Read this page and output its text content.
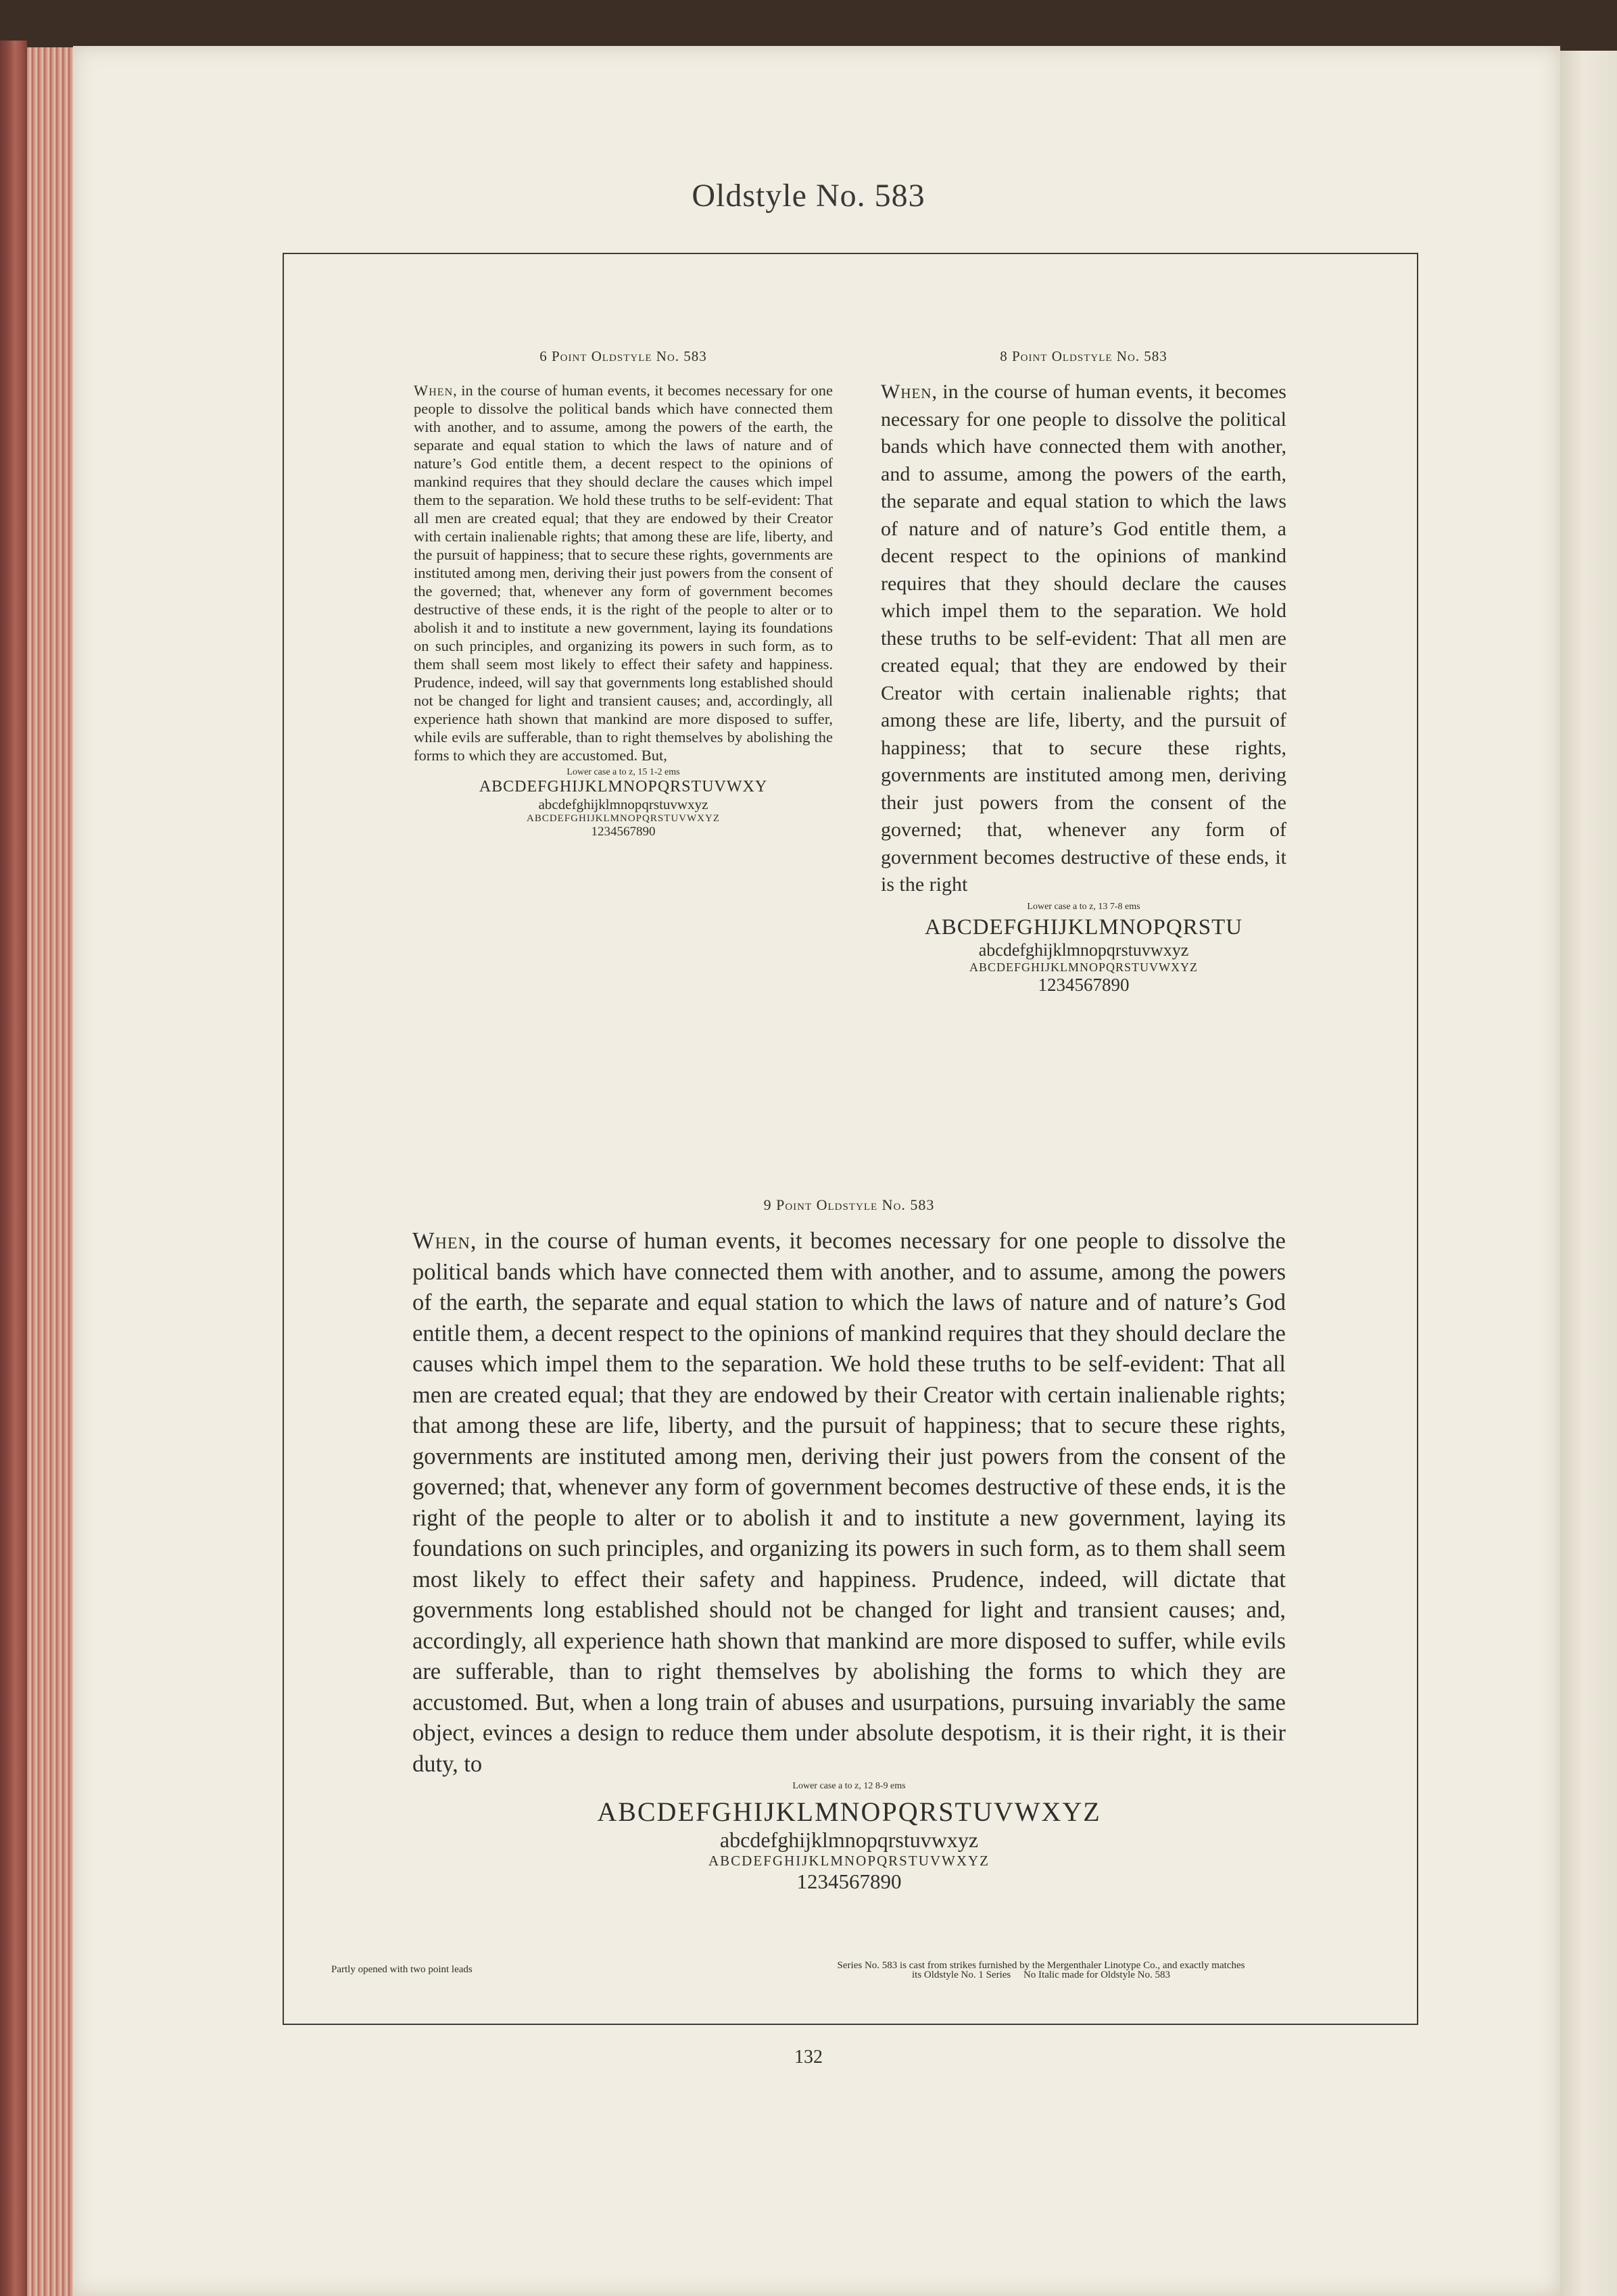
Oldstyle No. 583
6 Point Oldstyle No. 583

When, in the course of human events, it becomes necessary for one people to dissolve the political bands which have connected them with another, and to assume, among the powers of the earth, the separate and equal station to which the laws of nature and of nature’s God entitle them, a decent respect to the opinions of mankind requires that they should declare the causes which impel them to the separation. We hold these truths to be self-evident: That all men are created equal; that they are endowed by their Creator with certain inalienable rights; that among these are life, liberty, and the pursuit of happiness; that to secure these rights, governments are instituted among men, deriving their just powers from the consent of the governed; that, whenever any form of government becomes destructive of these ends, it is the right of the people to alter or to abolish it and to institute a new government, laying its foundations on such principles, and organizing its powers in such form, as to them shall seem most likely to effect their safety and happiness. Prudence, indeed, will say that governments long established should not be changed for light and transient causes; and, accordingly, all experience hath shown that mankind are more disposed to suffer, while evils are sufferable, than to right themselves by abolishing the forms to which they are accustomed. But,

Lower case a to z, 15 1-2 ems

ABCDEFGHIJKLMNOPQRSTUVWXY

abcdefghijklmnopqrstuvwxyz

ABCDEFGHIJKLMNOPQRSTUVWXYZ

1234567890

8 Point Oldstyle No. 583

When, in the course of human events, it becomes necessary for one people to dissolve the political bands which have connected them with another, and to assume, among the powers of the earth, the separate and equal station to which the laws of nature and of nature’s God entitle them, a decent respect to the opinions of mankind requires that they should declare the causes which impel them to the separation. We hold these truths to be self-evident: That all men are created equal; that they are endowed by their Creator with certain inalienable rights; that among these are life, liberty, and the pursuit of happiness; that to secure these rights, governments are instituted among men, deriving their just powers from the consent of the governed; that, whenever any form of government becomes destructive of these ends, it is the right

Lower case a to z, 13 7-8 ems

ABCDEFGHIJKLMNOPQRSTU

abcdefghijklmnopqrstuvwxyz

ABCDEFGHIJKLMNOPQRSTUVWXYZ

1234567890

9 Point Oldstyle No. 583

When, in the course of human events, it becomes necessary for one people to dissolve the political bands which have connected them with another, and to assume, among the powers of the earth, the separate and equal station to which the laws of nature and of nature’s God entitle them, a decent respect to the opinions of mankind requires that they should declare the causes which impel them to the separation. We hold these truths to be self-evident: That all men are created equal; that they are endowed by their Creator with certain inalienable rights; that among these are life, liberty, and the pursuit of happiness; that to secure these rights, governments are instituted among men, deriving their just powers from the consent of the governed; that, whenever any form of government becomes destructive of these ends, it is the right of the people to alter or to abolish it and to institute a new government, laying its foundations on such principles, and organizing its powers in such form, as to them shall seem most likely to effect their safety and happiness. Prudence, indeed, will dictate that governments long established should not be changed for light and transient causes; and, accordingly, all experience hath shown that mankind are more disposed to suffer, while evils are sufferable, than to right themselves by abolishing the forms to which they are accustomed. But, when a long train of abuses and usurpations, pursuing invariably the same object, evinces a design to reduce them under absolute despotism, it is their right, it is their duty, to

Lower case a to z, 12 8-9 ems

ABCDEFGHIJKLMNOPQRSTUVWXYZ

abcdefghijklmnopqrstuvwxyz

ABCDEFGHIJKLMNOPQRSTUVWXYZ

1234567890

Partly opened with two point leads	Series No. 583 is cast from strikes furnished by the Mergenthaler Linotype Co., and exactly matches
its Oldstyle No. 1 Series     No Italic made for Oldstyle No. 583
132
